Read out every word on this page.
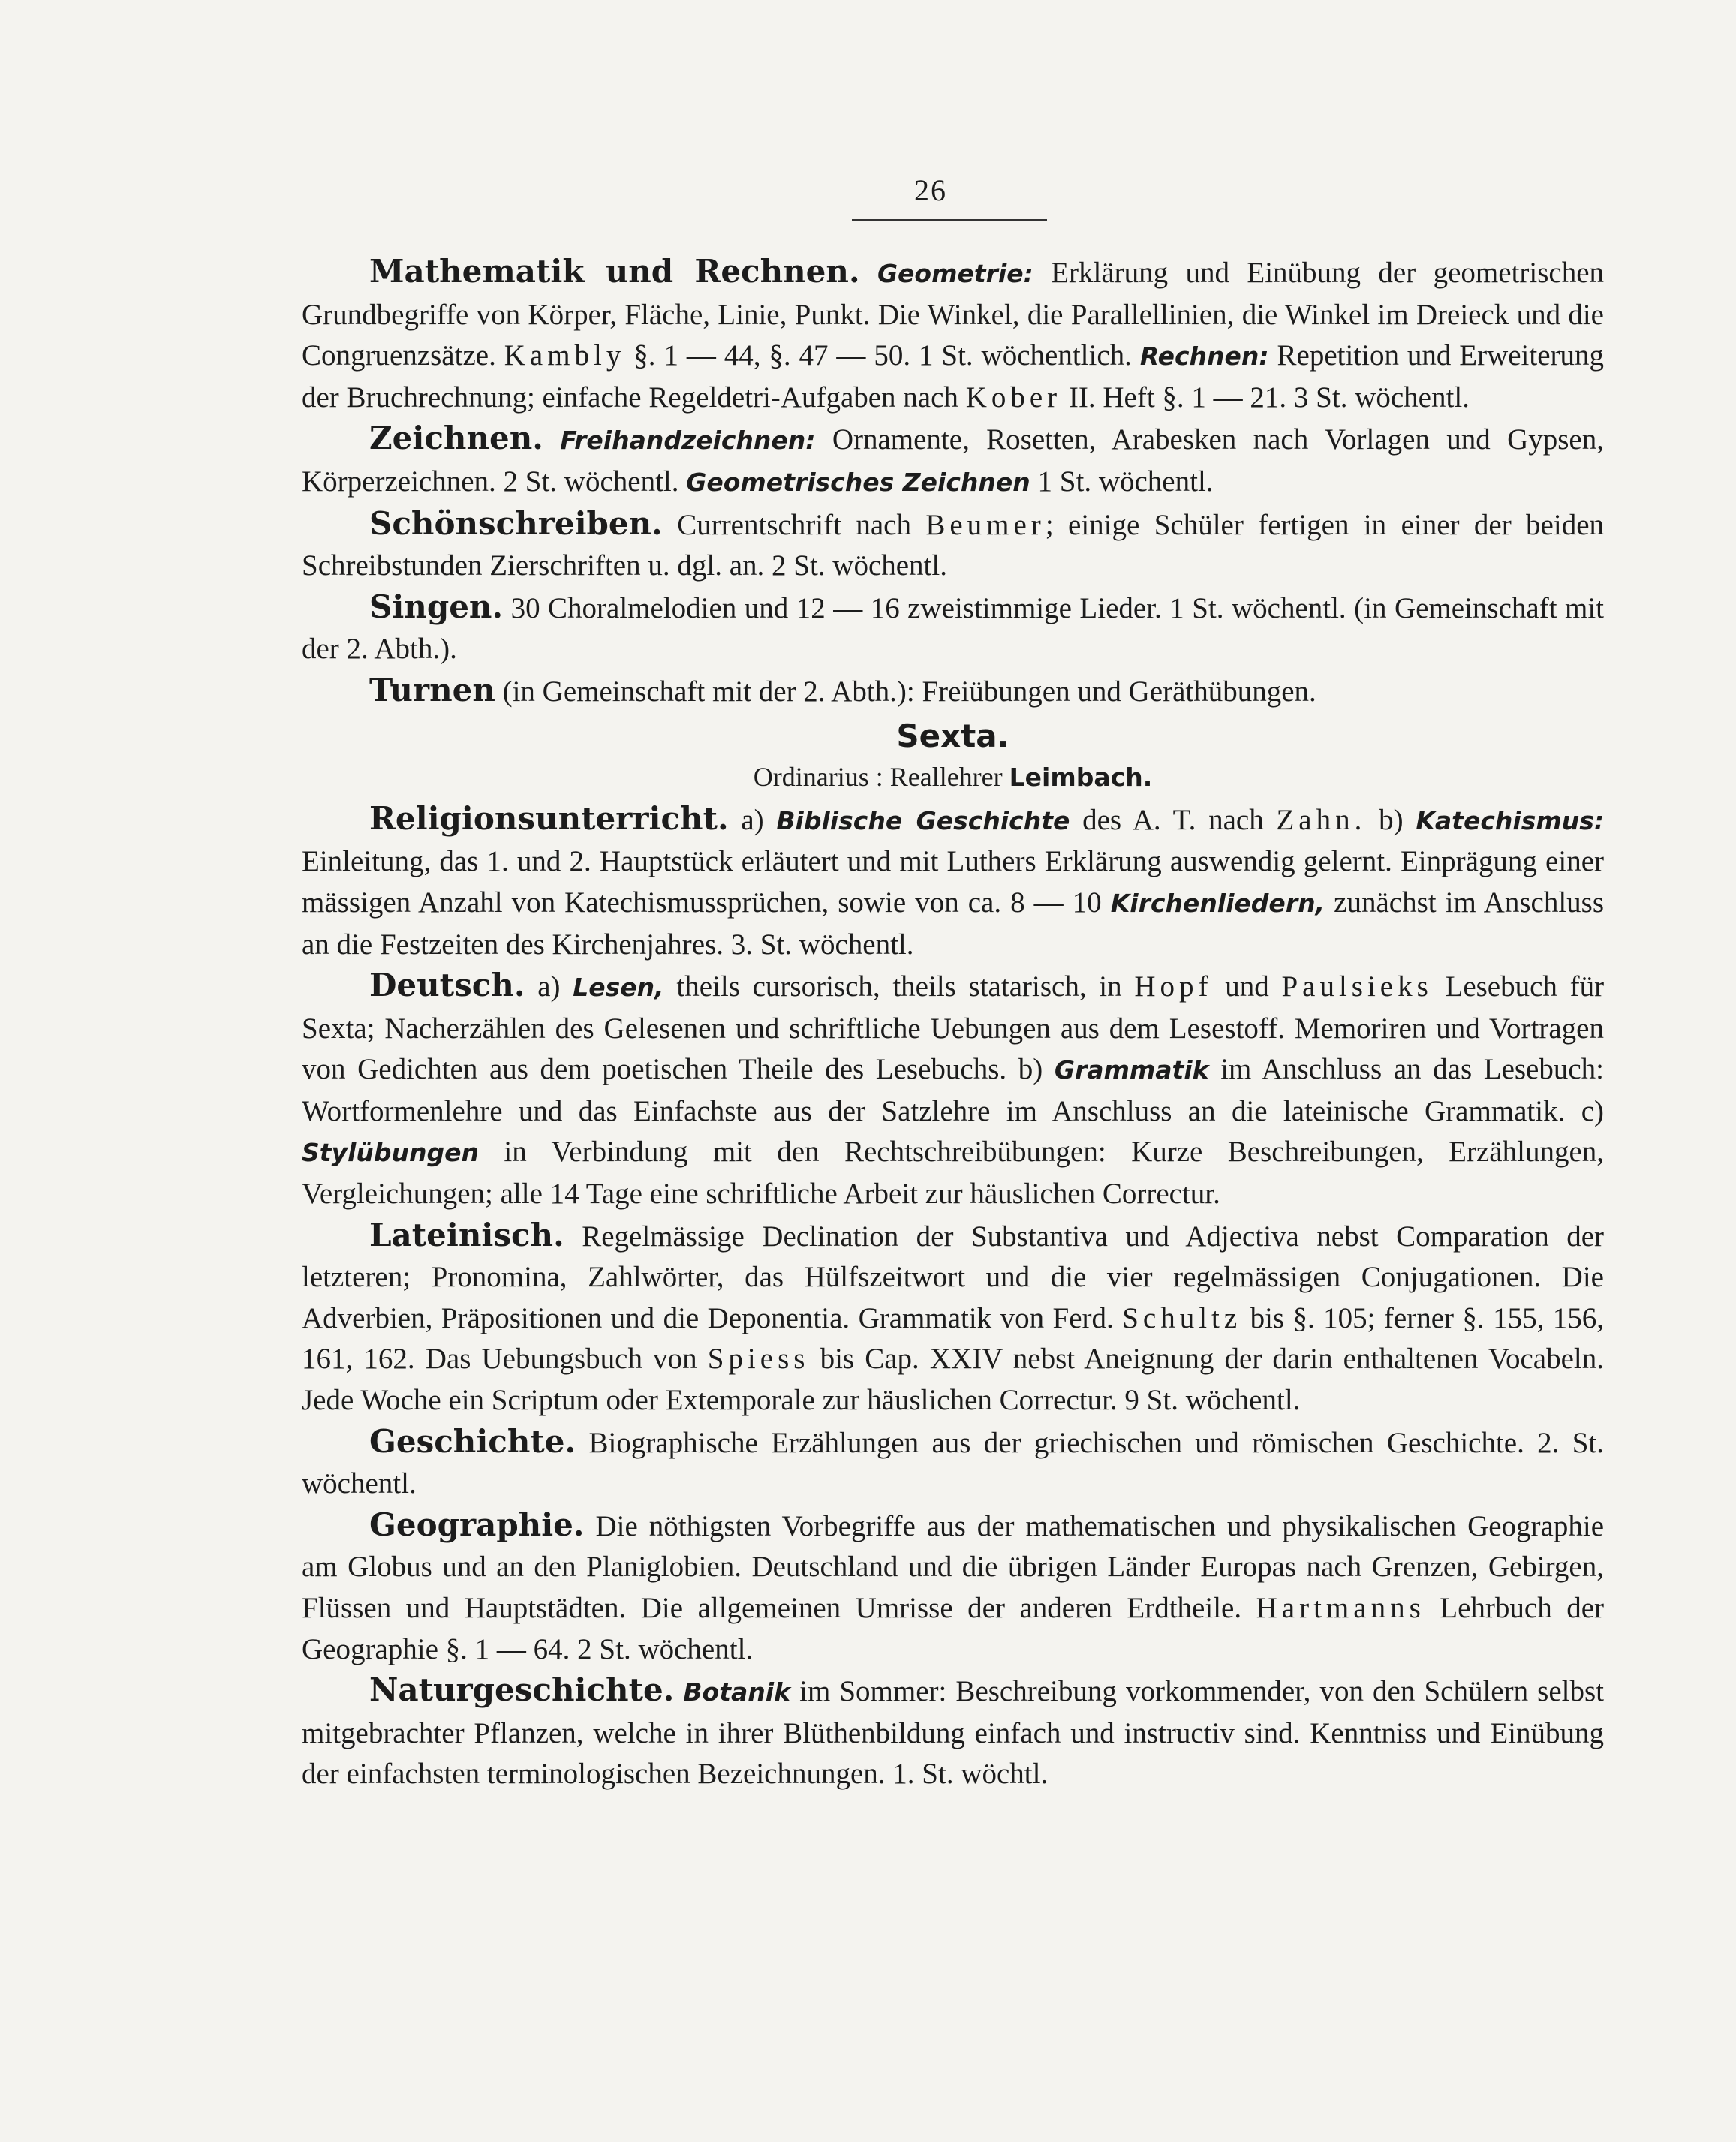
26

Mathematik und Rechnen. Geometrie: Erklärung und Einübung der geometrischen Grundbegriffe von Körper, Fläche, Linie, Punkt. Die Winkel, die Parallellinien, die Winkel im Dreieck und die Congruenzsätze. Kambly §. 1 — 44, §. 47 — 50. 1 St. wöchentlich. Rechnen: Repetition und Erweiterung der Bruchrechnung; einfache Regeldetri-Aufgaben nach Kober II. Heft §. 1 — 21. 3 St. wöchentl.

Zeichnen. Freihandzeichnen: Ornamente, Rosetten, Arabesken nach Vorlagen und Gypsen, Körperzeichnen. 2 St. wöchentl. Geometrisches Zeichnen 1 St. wöchentl.

Schönschreiben. Currentschrift nach Beumer; einige Schüler fertigen in einer der beiden Schreibstunden Zierschriften u. dgl. an. 2 St. wöchentl.

Singen. 30 Choralmelodien und 12 — 16 zweistimmige Lieder. 1 St. wöchentl. (in Gemeinschaft mit der 2. Abth.).

Turnen (in Gemeinschaft mit der 2. Abth.): Freiübungen und Geräthübungen.

Sexta.
Ordinarius : Reallehrer Leimbach.

Religionsunterricht. a) Biblische Geschichte des A. T. nach Zahn. b) Katechismus: Einleitung, das 1. und 2. Hauptstück erläutert und mit Luthers Erklärung auswendig gelernt. Einprägung einer mässigen Anzahl von Katechismussprüchen, sowie von ca. 8 — 10 Kirchenliedern, zunächst im Anschluss an die Festzeiten des Kirchenjahres. 3. St. wöchentl.

Deutsch. a) Lesen, theils cursorisch, theils statarisch, in Hopf und Paulsieks Lesebuch für Sexta; Nacherzählen des Gelesenen und schriftliche Uebungen aus dem Lesestoff. Memoriren und Vortragen von Gedichten aus dem poetischen Theile des Lesebuchs. b) Grammatik im Anschluss an das Lesebuch: Wortformenlehre und das Einfachste aus der Satzlehre im Anschluss an die lateinische Grammatik. c) Stylübungen in Verbindung mit den Rechtschreibübungen: Kurze Beschreibungen, Erzählungen, Vergleichungen; alle 14 Tage eine schriftliche Arbeit zur häuslichen Correctur.

Lateinisch. Regelmässige Declination der Substantiva und Adjectiva nebst Comparation der letzteren; Pronomina, Zahlwörter, das Hülfszeitwort und die vier regelmässigen Conjugationen. Die Adverbien, Präpositionen und die Deponentia. Grammatik von Ferd. Schultz bis §. 105; ferner §. 155, 156, 161, 162. Das Uebungsbuch von Spiess bis Cap. XXIV nebst Aneignung der darin enthaltenen Vocabeln. Jede Woche ein Scriptum oder Extemporale zur häuslichen Correctur. 9 St. wöchentl.

Geschichte. Biographische Erzählungen aus der griechischen und römischen Geschichte. 2. St. wöchentl.

Geographie. Die nöthigsten Vorbegriffe aus der mathematischen und physikalischen Geographie am Globus und an den Planiglobien. Deutschland und die übrigen Länder Europas nach Grenzen, Gebirgen, Flüssen und Hauptstädten. Die allgemeinen Umrisse der anderen Erdtheile. Hartmanns Lehrbuch der Geographie §. 1 — 64. 2 St. wöchentl.

Naturgeschichte. Botanik im Sommer: Beschreibung vorkommender, von den Schülern selbst mitgebrachter Pflanzen, welche in ihrer Blüthenbildung einfach und instructiv sind. Kenntniss und Einübung der einfachsten terminologischen Bezeichnungen. 1. St. wöchtl.
